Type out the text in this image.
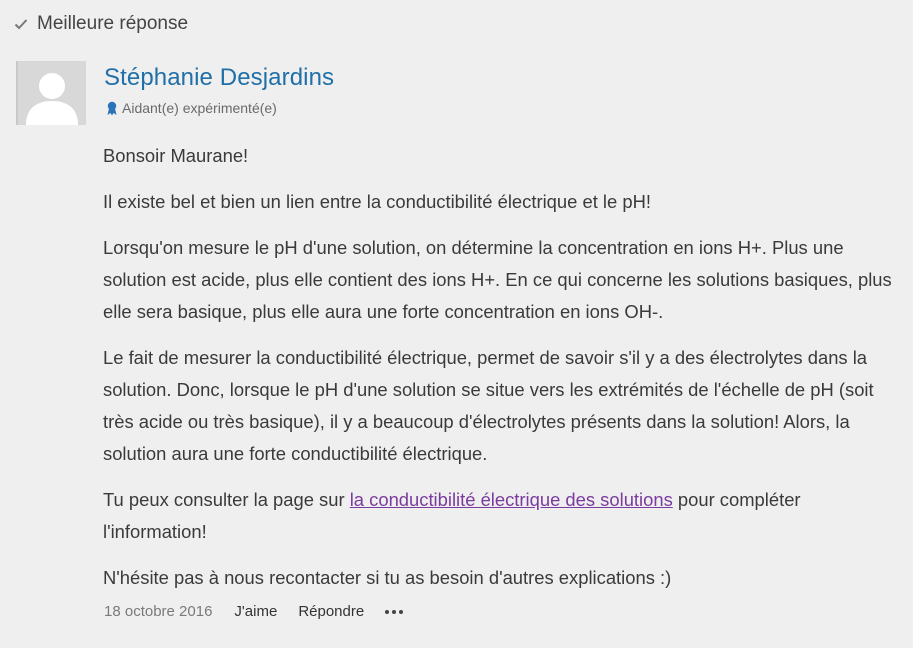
Meilleure réponse
Stéphanie Desjardins
Aidant(e) expérimenté(e)

Bonsoir Maurane!

Il existe bel et bien un lien entre la conductibilité électrique et le pH!

Lorsqu'on mesure le pH d'une solution, on détermine la concentration en ions H+. Plus une solution est acide, plus elle contient des ions H+. En ce qui concerne les solutions basiques, plus elle sera basique, plus elle aura une forte concentration en ions OH-.

Le fait de mesurer la conductibilité électrique, permet de savoir s'il y a des électrolytes dans la solution. Donc, lorsque le pH d'une solution se situe vers les extrémités de l'échelle de pH (soit très acide ou très basique), il y a beaucoup d'électrolytes présents dans la solution! Alors, la solution aura une forte conductibilité électrique.

Tu peux consulter la page sur la conductibilité électrique des solutions pour compléter l'information!

N'hésite pas à nous recontacter si tu as besoin d'autres explications :)

18 octobre 2016 J'aime Répondre
